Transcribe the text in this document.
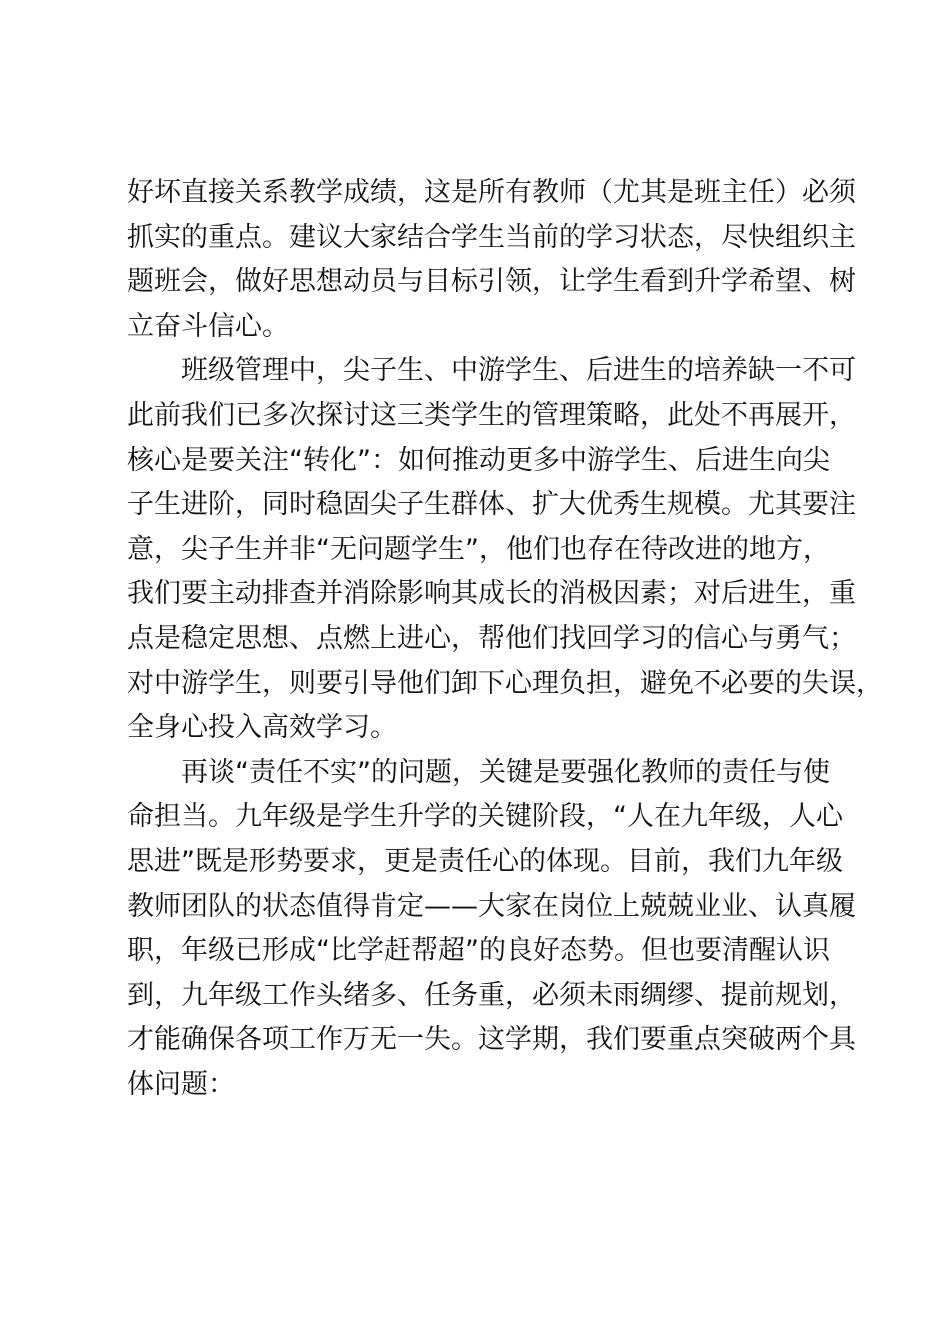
好坏直接关系教学成绩，这是所有教师（尤其是班主任）必须
抓实的重点。建议大家结合学生当前的学习状态，尽快组织主
题班会，做好思想动员与目标引领，让学生看到升学希望、树
立奋斗信心。
班级管理中，尖子生、中游学生、后进生的培养缺一不可
此前我们已多次探讨这三类学生的管理策略，此处不再展开，
核心是要关注“转化”：如何推动更多中游学生、后进生向尖
子生进阶，同时稳固尖子生群体、扩大优秀生规模。尤其要注
意，尖子生并非“无问题学生”，他们也存在待改进的地方，
我们要主动排查并消除影响其成长的消极因素；对后进生，重
点是稳定思想、点燃上进心，帮他们找回学习的信心与勇气；
对中游学生，则要引导他们卸下心理负担，避免不必要的失误，
全身心投入高效学习。
再谈“责任不实”的问题，关键是要强化教师的责任与使
命担当。九年级是学生升学的关键阶段，“人在九年级，人心
思进”既是形势要求，更是责任心的体现。目前，我们九年级
教师团队的状态值得肯定——大家在岗位上兢兢业业、认真履
职，年级已形成“比学赶帮超”的良好态势。但也要清醒认识
到，九年级工作头绪多、任务重，必须未雨绸缪、提前规划，
才能确保各项工作万无一失。这学期，我们要重点突破两个具
体问题：
